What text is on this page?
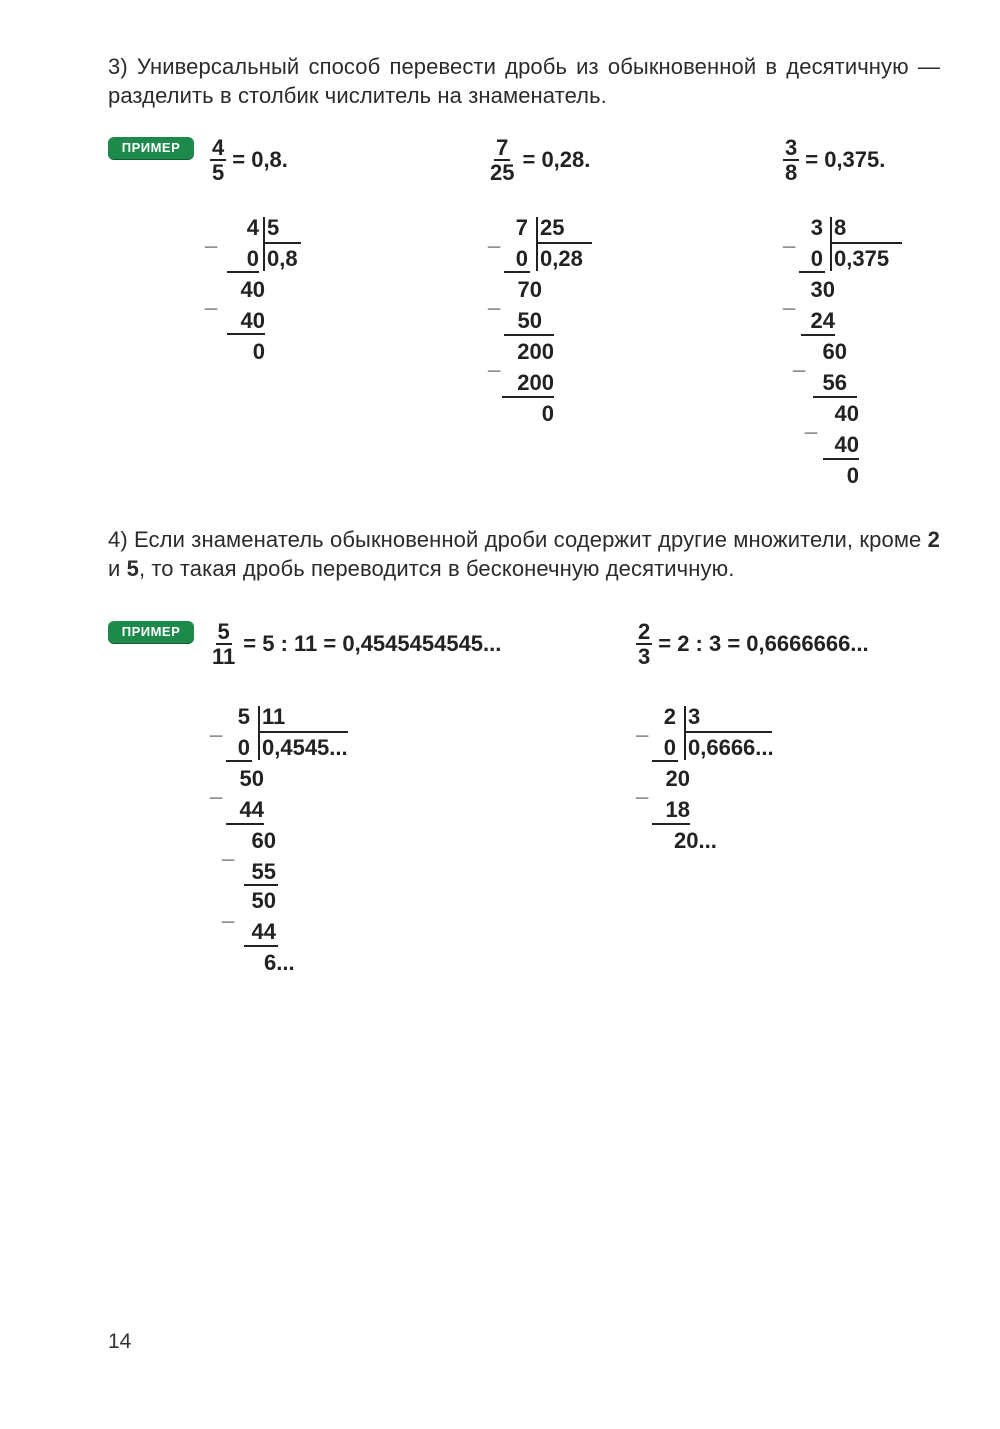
3) Универсальный способ перевести дробь из обыкновенной в десятичную — разделить в столбик числитель на знаменатель.
ПРИМЕР	$\frac{4}{5} = 0,8$.	$\frac{7}{25} = 0,28$.	$\frac{3}{8} = 0,375$.
_	4 5
0,8
0
_	40
40
0
_ 7 25
0,28
0
_ 70
50
_ 200
200
0
_ 3 8
0,375
0
_ 30
24
_ 60
56
_ 40
40
0
4) Если знаменатель обыкновенной дроби содержит другие множители, кроме 2 и 5, то такая дробь переводится в бесконечную десятичную.
ПРИМЕР	$\frac{5}{11} = 5$ : 11 = 0,4545454545...	$\frac{2}{3} = 2$ : 3 = 0,6666666...
_ 5 11
0,4545...
0
_ 50
44
_ 60
55
_ 50
44
6...
_ 2 3
0,6666...
0
_ 20
18
20...
14
